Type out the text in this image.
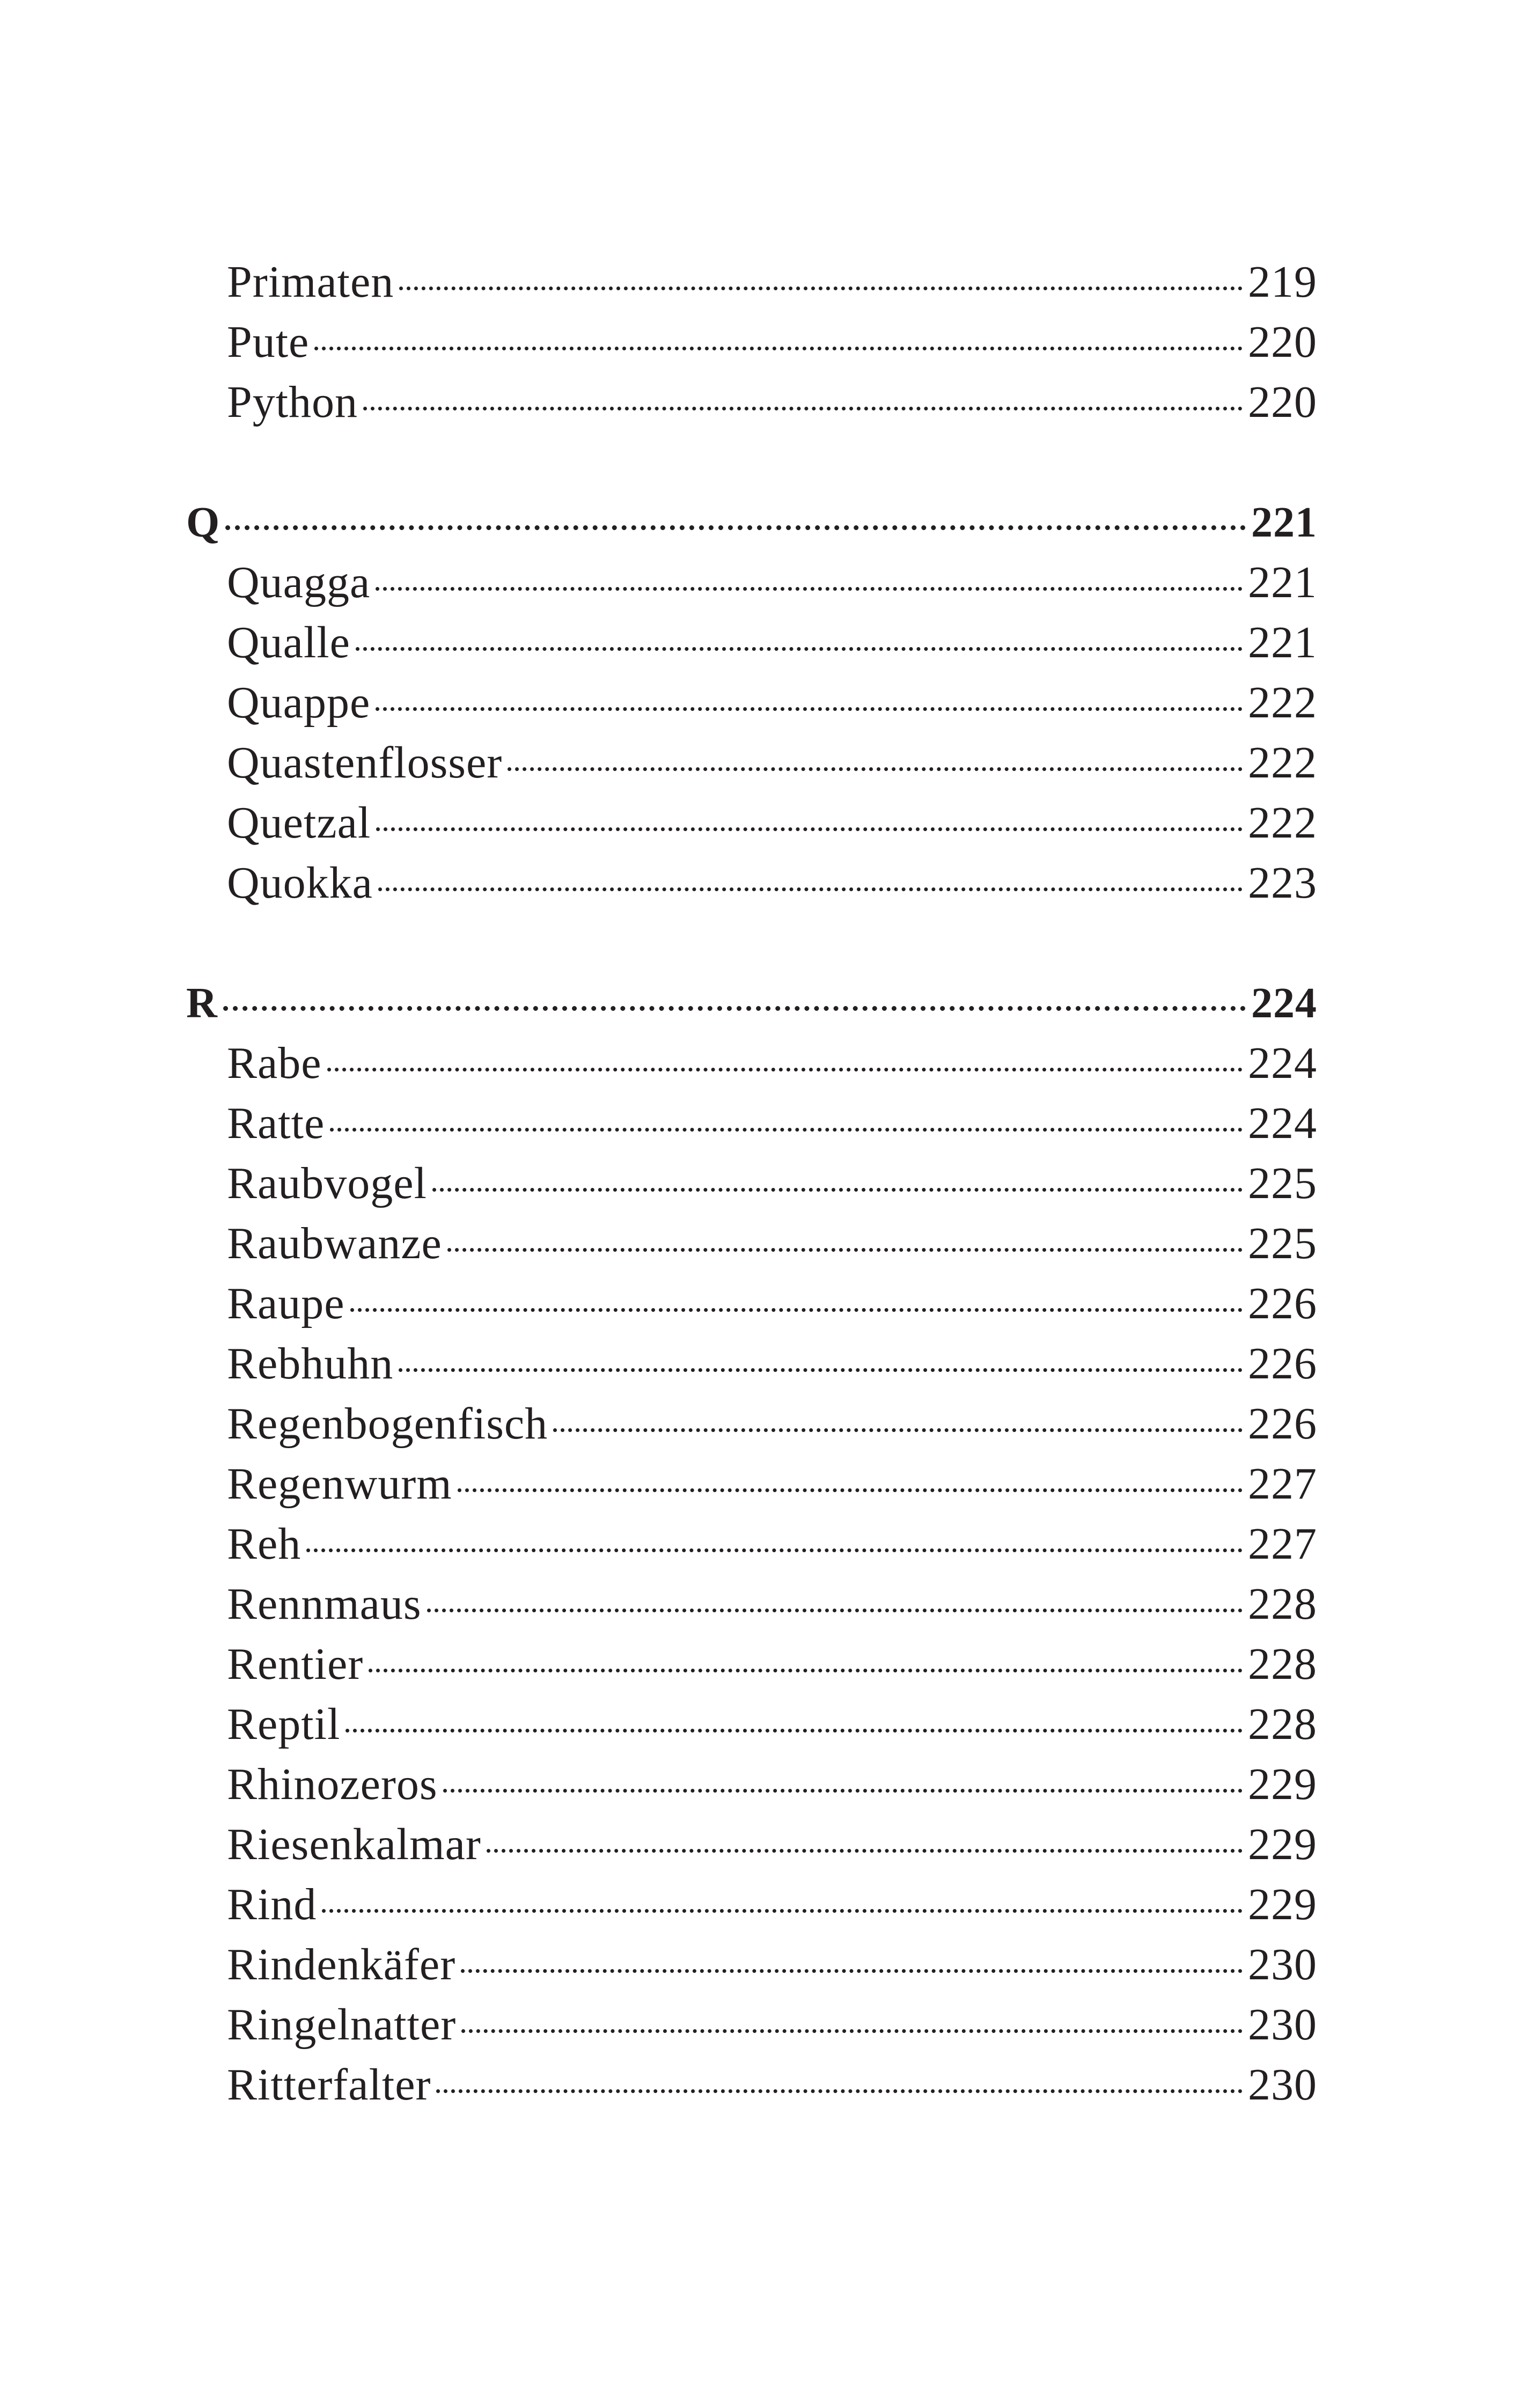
Primaten	219
Pute	220
Python	220
Q	221
Quagga	221
Qualle	221
Quappe	222
Quastenflosser	222
Quetzal	222
Quokka	223
R	224
Rabe	224
Ratte	224
Raubvogel	225
Raubwanze	225
Raupe	226
Rebhuhn	226
Regenbogenfisch	226
Regenwurm	227
Reh	227
Rennmaus	228
Rentier	228
Reptil	228
Rhinozeros	229
Riesenkalmar	229
Rind	229
Rindenkäfer	230
Ringelnatter	230
Ritterfalter	230
